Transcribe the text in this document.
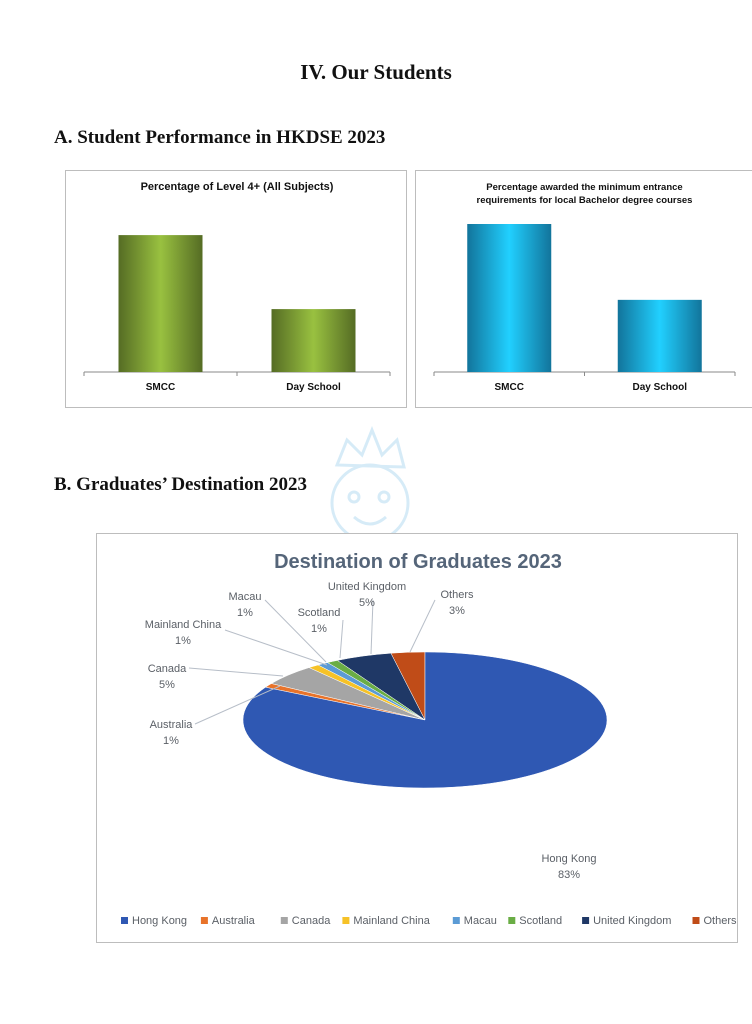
IV. Our Students
A. Student Performance in HKDSE 2023
Percentage of Level 4+ (All Subjects)
SMCC	Day School
Percentage awarded the minimum entrance
requirements for local Bachelor degree courses
SMCC	Day School
B. Graduates’ Destination 2023
Destination of Graduates 2023
Hong Kong
83%
Australia
1%
Canada
5%
Mainland China
1%
Macau
1%	Scotland
1%
United Kingdom
5%
Others
3%
Hong Kong Australia	Canada Mainland China	Macau Scotland	United Kingdom	Others
